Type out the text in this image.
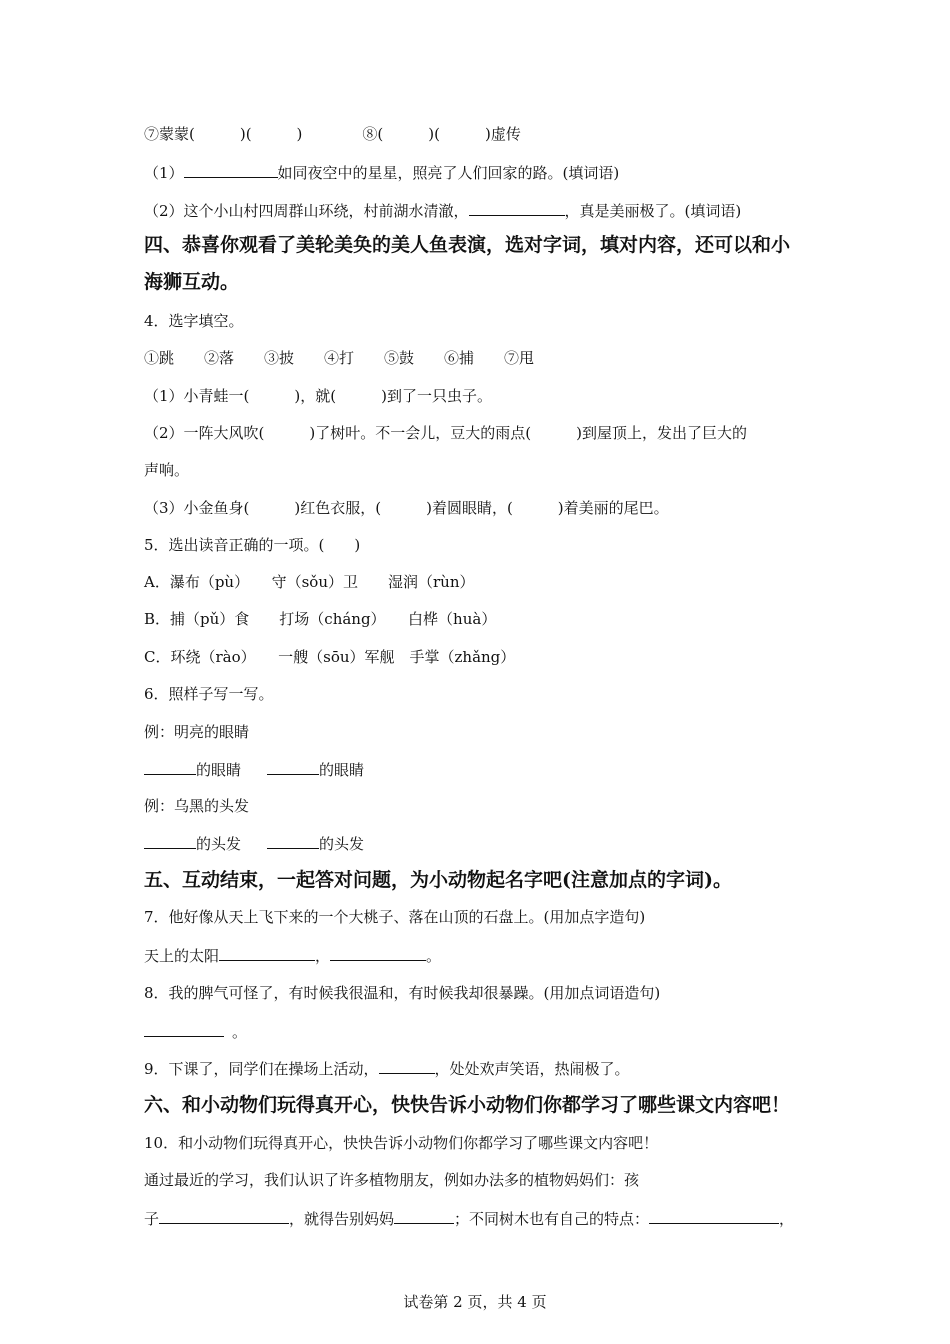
⑦蒙蒙(　　　)(　　　)　　　　⑧(　　　)(　　　)虚传
（1）	如同夜空中的星星，照亮了人们回家的路。(填词语)
（2）这个小山村四周群山环绕，村前湖水清澈，	，真是美丽极了。(填词语)
四、恭喜你观看了美轮美奂的美人鱼表演，选对字词，填对内容，还可以和小
海狮互动。
4．选字填空。
①跳　　②落　　③披　　④打　　⑤鼓　　⑥捕　　⑦甩
（1）小青蛙一(　　　)，就(　　　)到了一只虫子。
（2）一阵大风吹(　　　)了树叶。不一会儿，豆大的雨点(　　　)到屋顶上，发出了巨大的
声响。
（3）小金鱼身(　　　)红色衣服，(　　　)着圆眼睛，(　　　)着美丽的尾巴。
5．选出读音正确的一项。(　　)
A．瀑布（pù）　　守（sǒu）卫　　湿润（rùn）
B．捕（pǔ）食　　打场（cháng）　　白桦（huà）
C．环绕（rào）　　一艘（sōu）军舰　手掌（zhǎng）
6．照样子写一写。
例：明亮的眼睛
的眼睛	的眼睛
例：乌黑的头发
的头发	的头发
五、互动结束，一起答对问题，为小动物起名字吧(注意加点的字词)。
7．他好像从天上飞下来的一个大桃子、落在山顶的石盘上。(用加点字造句)
天上的太阳	，	。
8．我的脾气可怪了，有时候我很温和，有时候我却很暴躁。(用加点词语造句)
。
9．下课了，同学们在操场上活动，	，处处欢声笑语，热闹极了。
六、和小动物们玩得真开心，快快告诉小动物们你都学习了哪些课文内容吧！
10．和小动物们玩得真开心，快快告诉小动物们你都学习了哪些课文内容吧！
通过最近的学习，我们认识了许多植物朋友，例如办法多的植物妈妈们：孩
子	，就得告别妈妈	；不同树木也有自己的特点：	，
试卷第 2 页，共 4 页
